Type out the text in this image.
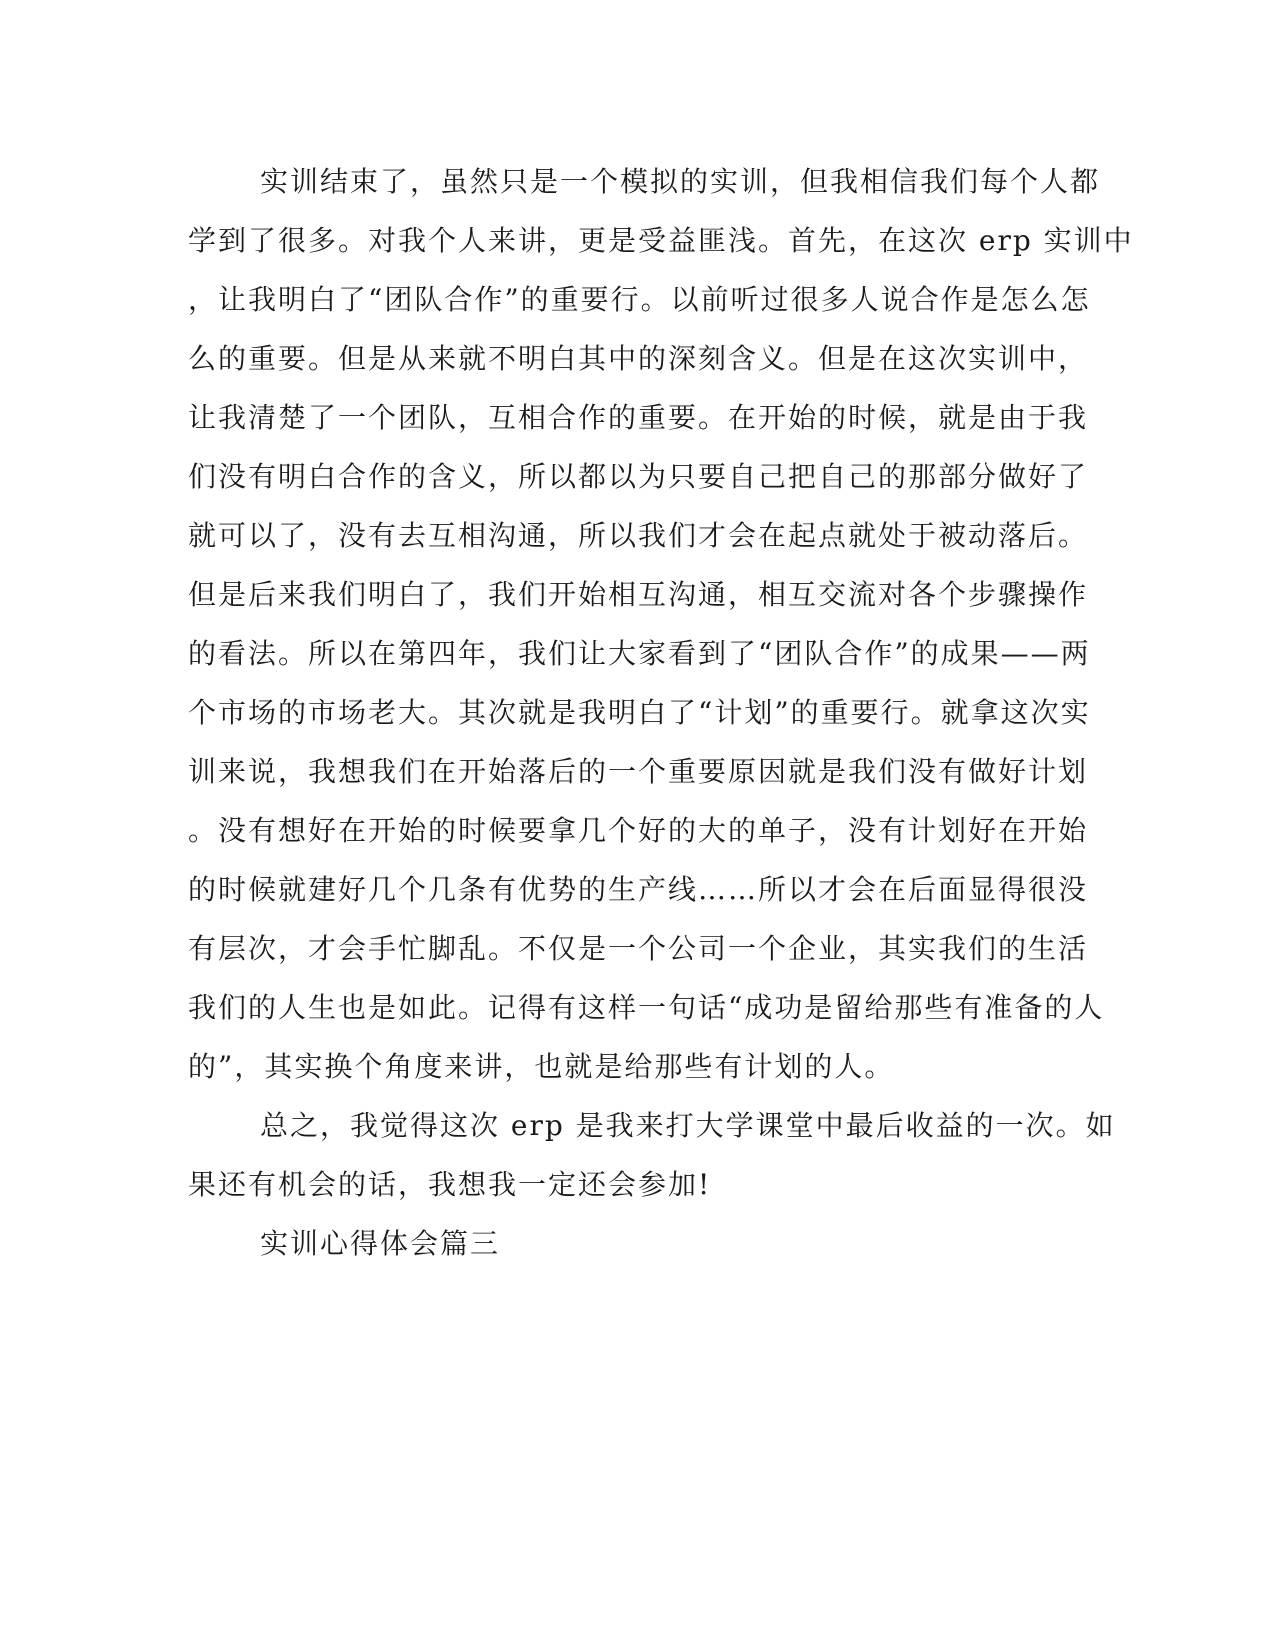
实训结束了，虽然只是一个模拟的实训，但我相信我们每个人都
学到了很多。对我个人来讲，更是受益匪浅。首先，在这次 erp 实训中
，让我明白了“团队合作”的重要行。以前听过很多人说合作是怎么怎
么的重要。但是从来就不明白其中的深刻含义。但是在这次实训中，
让我清楚了一个团队，互相合作的重要。在开始的时候，就是由于我
们没有明白合作的含义，所以都以为只要自己把自己的那部分做好了
就可以了，没有去互相沟通，所以我们才会在起点就处于被动落后。
但是后来我们明白了，我们开始相互沟通，相互交流对各个步骤操作
的看法。所以在第四年，我们让大家看到了“团队合作”的成果——两
个市场的市场老大。其次就是我明白了“计划”的重要行。就拿这次实
训来说，我想我们在开始落后的一个重要原因就是我们没有做好计划
。没有想好在开始的时候要拿几个好的大的单子，没有计划好在开始
的时候就建好几个几条有优势的生产线……所以才会在后面显得很没
有层次，才会手忙脚乱。不仅是一个公司一个企业，其实我们的生活
我们的人生也是如此。记得有这样一句话“成功是留给那些有准备的人
的”，其实换个角度来讲，也就是给那些有计划的人。
总之，我觉得这次 erp 是我来打大学课堂中最后收益的一次。如
果还有机会的话，我想我一定还会参加!
实训心得体会篇三
